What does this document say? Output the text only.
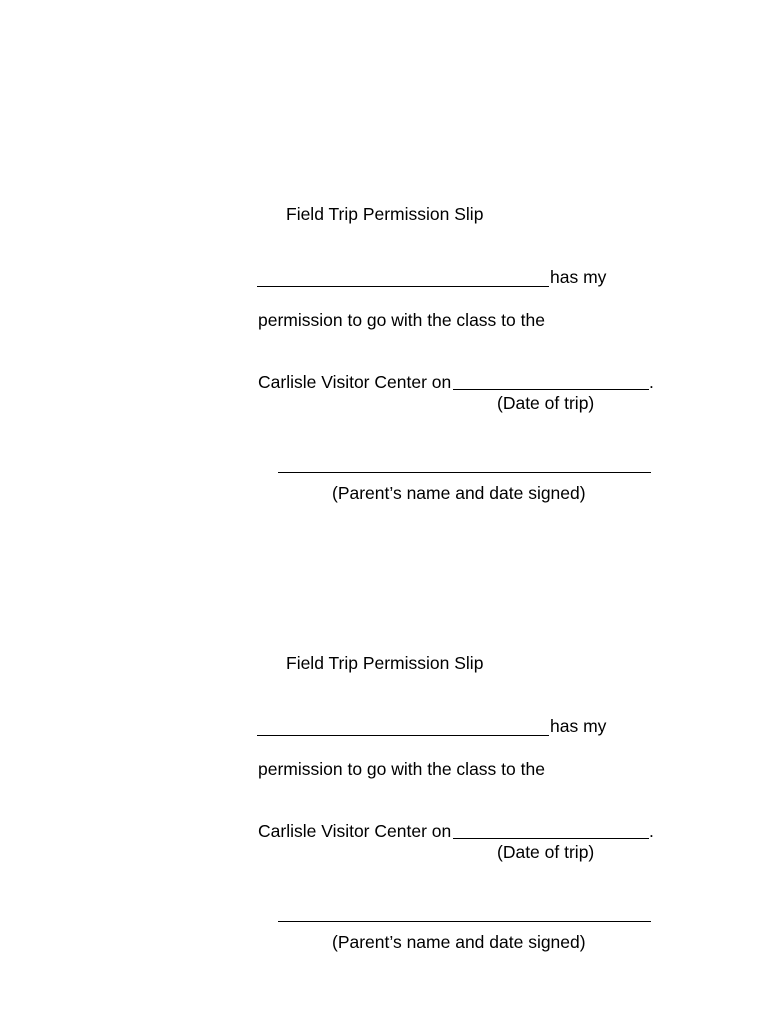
Field Trip Permission Slip
has my
permission to go with the class to the
Carlisle Visitor Center on	.
(Date of trip)
(Parent’s name and date signed)
Field Trip Permission Slip
has my
permission to go with the class to the
Carlisle Visitor Center on	.
(Date of trip)
(Parent’s name and date signed)
